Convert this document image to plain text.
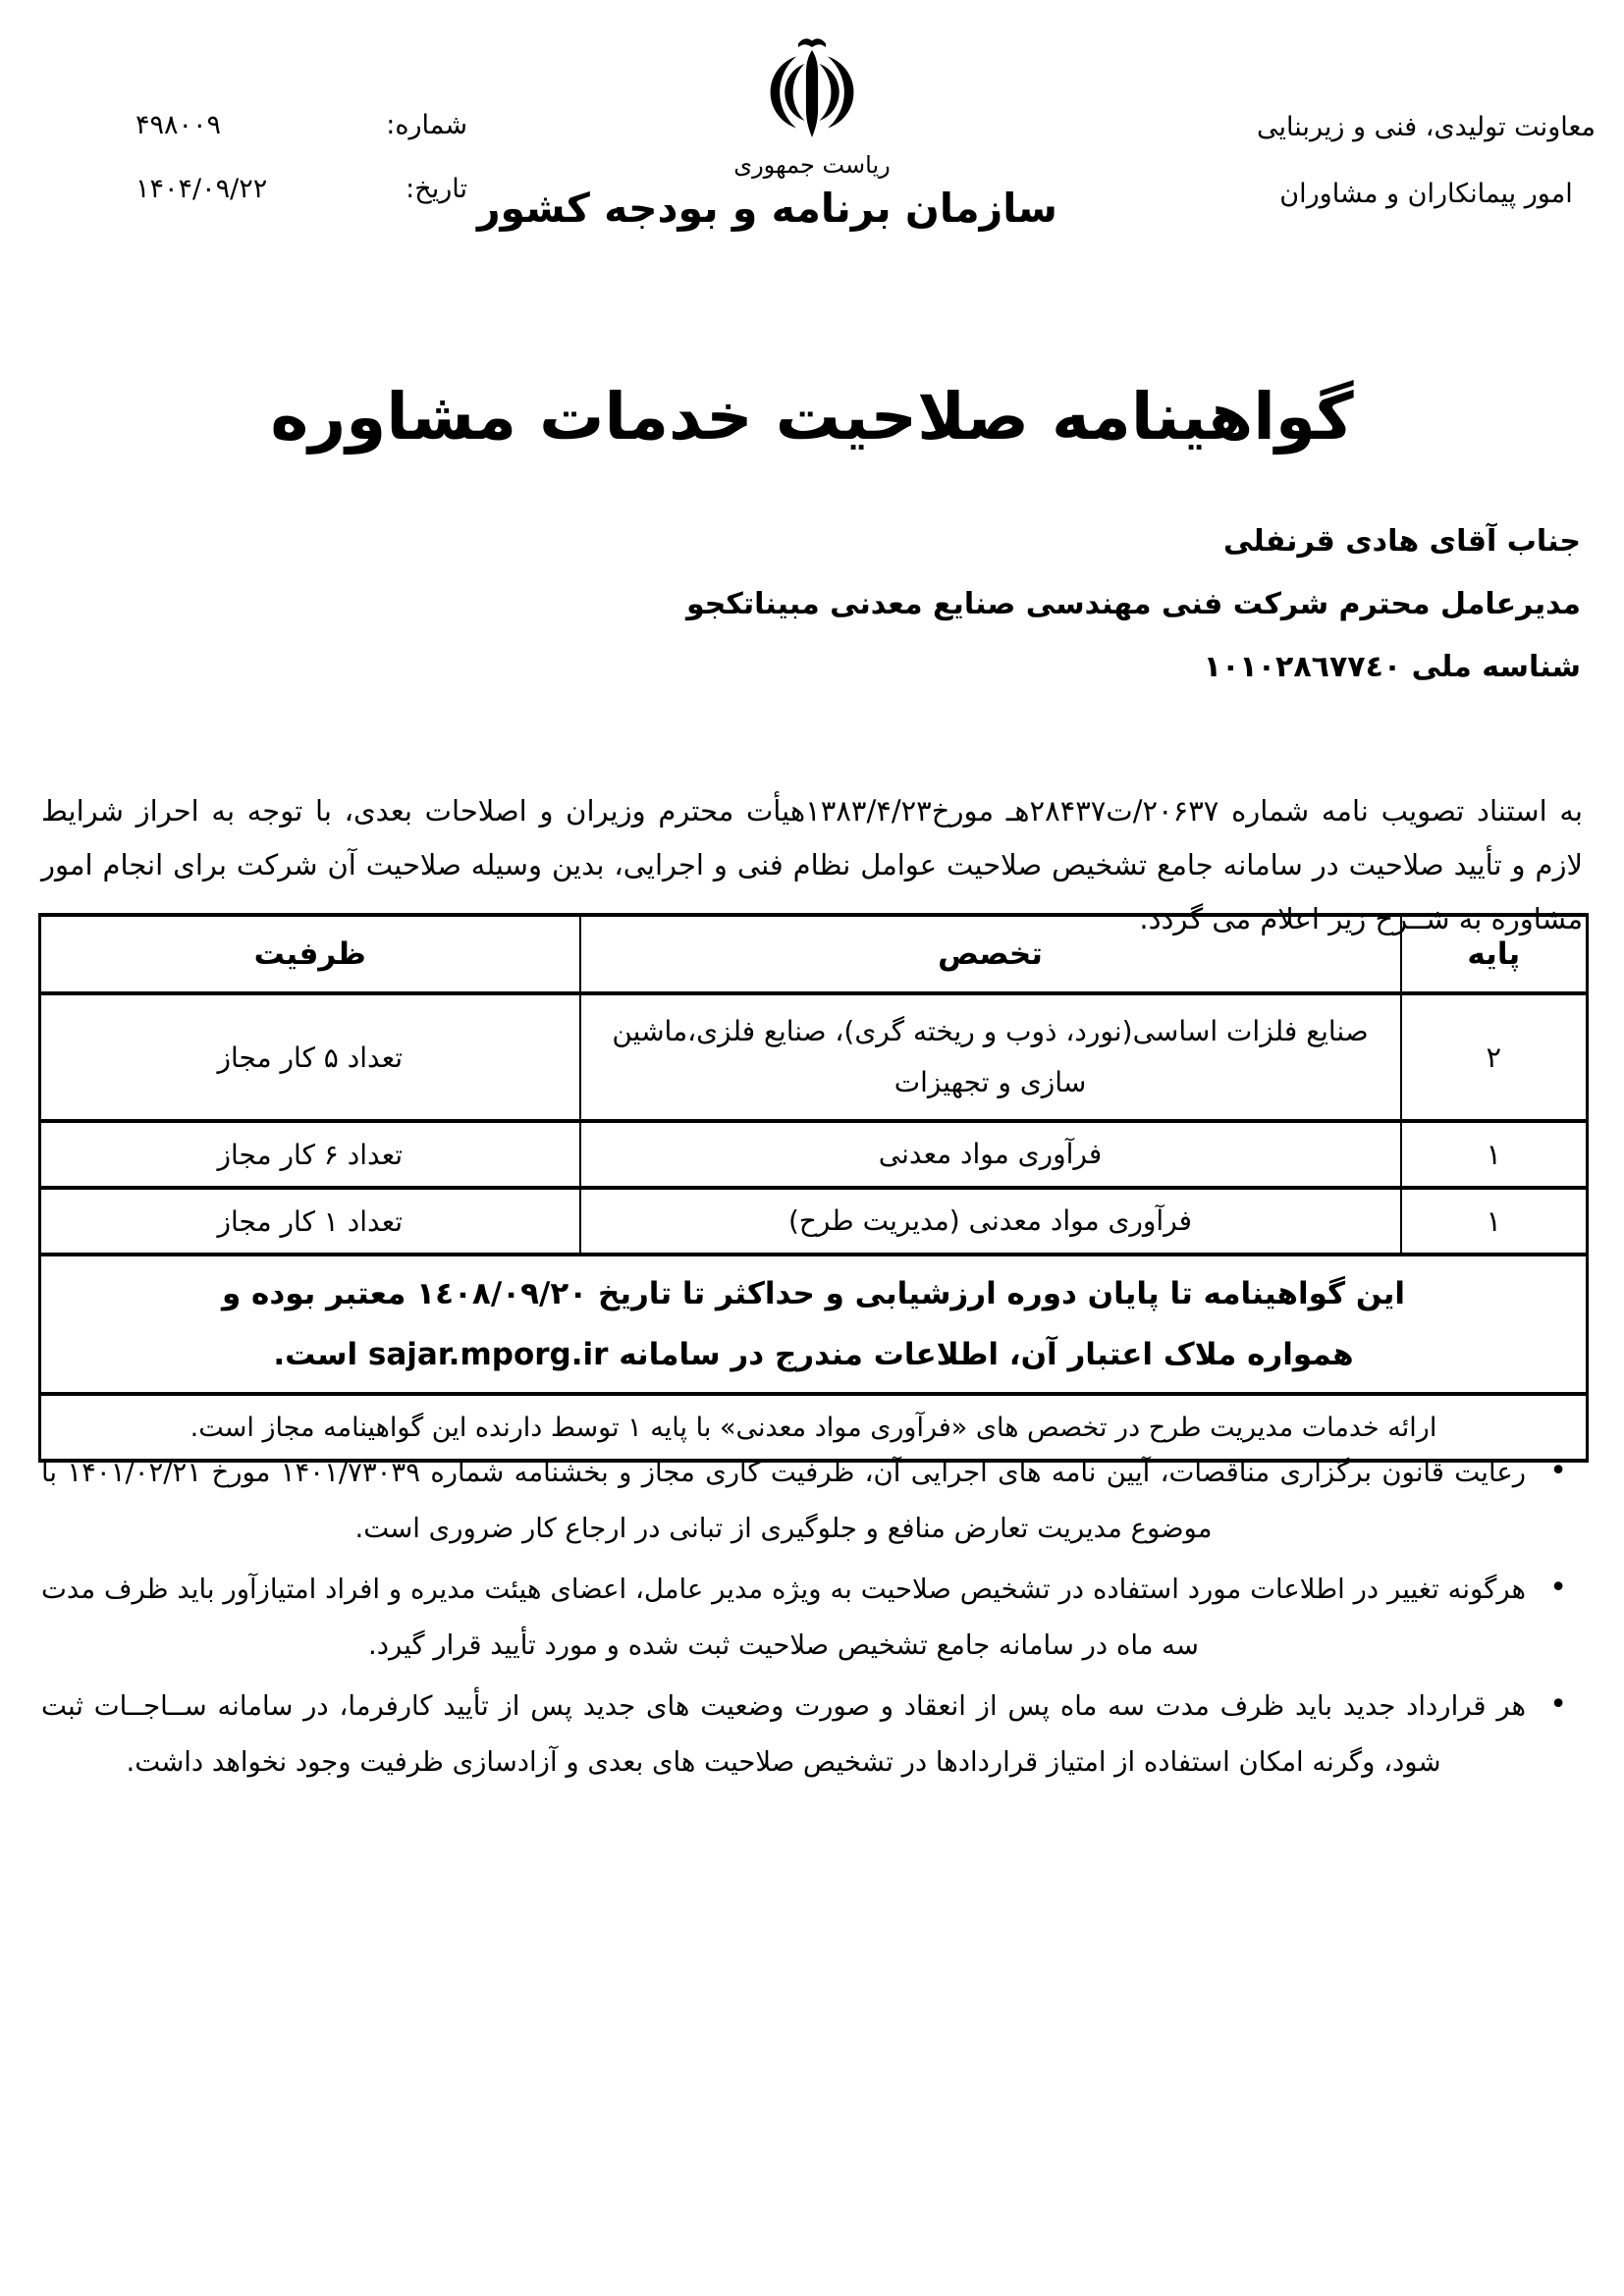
شماره:
۴۹۸۰۰۹
تاریخ:
۱۴۰۴/۰۹/۲۲
ریاست جمهوری
سازمان برنامه و بودجه کشور
معاونت تولیدی، فنی و زیربنایی
امور پیمانکاران و مشاوران
گواهینامه صلاحیت خدمات مشاوره
جناب آقای هادی قرنفلی
مدیرعامل محترم شرکت فنی مهندسی صنایع معدنی مبیناتکجو
شناسه ملی ١٠١٠٢٨٦٧٧٤٠

به استناد تصویب نامه شماره ۲۰۶۳۷/ت۲۸۴۳۷هـ مورخ۱۳۸۳/۴/۲۳هیأت محترم وزیران و اصلاحات بعدی، با توجه به احراز شرایط لازم و تأیید صلاحیت در سامانه جامع تشخیص صلاحیت عوامل نظام فنی و اجرایی، بدین وسیله صلاحیت آن شرکت برای انجام امور مشاوره به شــرح زیر اعلام می گردد.

پایه	تخصص	ظرفیت
۲	صنایع فلزات اساسی(نورد، ذوب و ریخته گری)، صنایع فلزی،ماشین سازی و تجهیزات	تعداد ۵ کار مجاز
۱	فرآوری مواد معدنی	تعداد ۶ کار مجاز
۱	فرآوری مواد معدنی (مدیریت طرح)	تعداد ۱ کار مجاز

این گواهینامه تا پایان دوره ارزشیابی و حداکثر تا تاریخ ١٤٠٨/٠٩/٢٠ معتبر بوده و
همواره ملاک اعتبار آن، اطلاعات مندرج در سامانه sajar.mporg.ir است.		

ارائه خدمات مدیریت طرح در تخصص های «فرآوری مواد معدنی» با پایه ۱ توسط دارنده این گواهینامه مجاز است.		
•
رعایت قانون برگزاری مناقصات، آیین نامه های اجرایی آن، ظرفیت کاری مجاز و بخشنامه شماره ۱۴۰۱/۷۳۰۳۹ مورخ ۱۴۰۱/۰۲/۲۱ با موضوع مدیریت تعارض منافع و جلوگیری از تبانی در ارجاع کار ضروری است.
•
هرگونه تغییر در اطلاعات مورد استفاده در تشخیص صلاحیت به ویژه مدیر عامل، اعضای هیئت مدیره و افراد امتیازآور باید ظرف مدت سه ماه در سامانه جامع تشخیص صلاحیت ثبت شده و مورد تأیید قرار گیرد.
•
هر قرارداد جدید باید ظرف مدت سه ماه پس از انعقاد و صورت وضعیت های جدید پس از تأیید کارفرما، در سامانه ســاجــات ثبت شود، وگرنه امکان استفاده از امتیاز قراردادها در تشخیص صلاحیت های بعدی و آزادسازی ظرفیت وجود نخواهد داشت.
